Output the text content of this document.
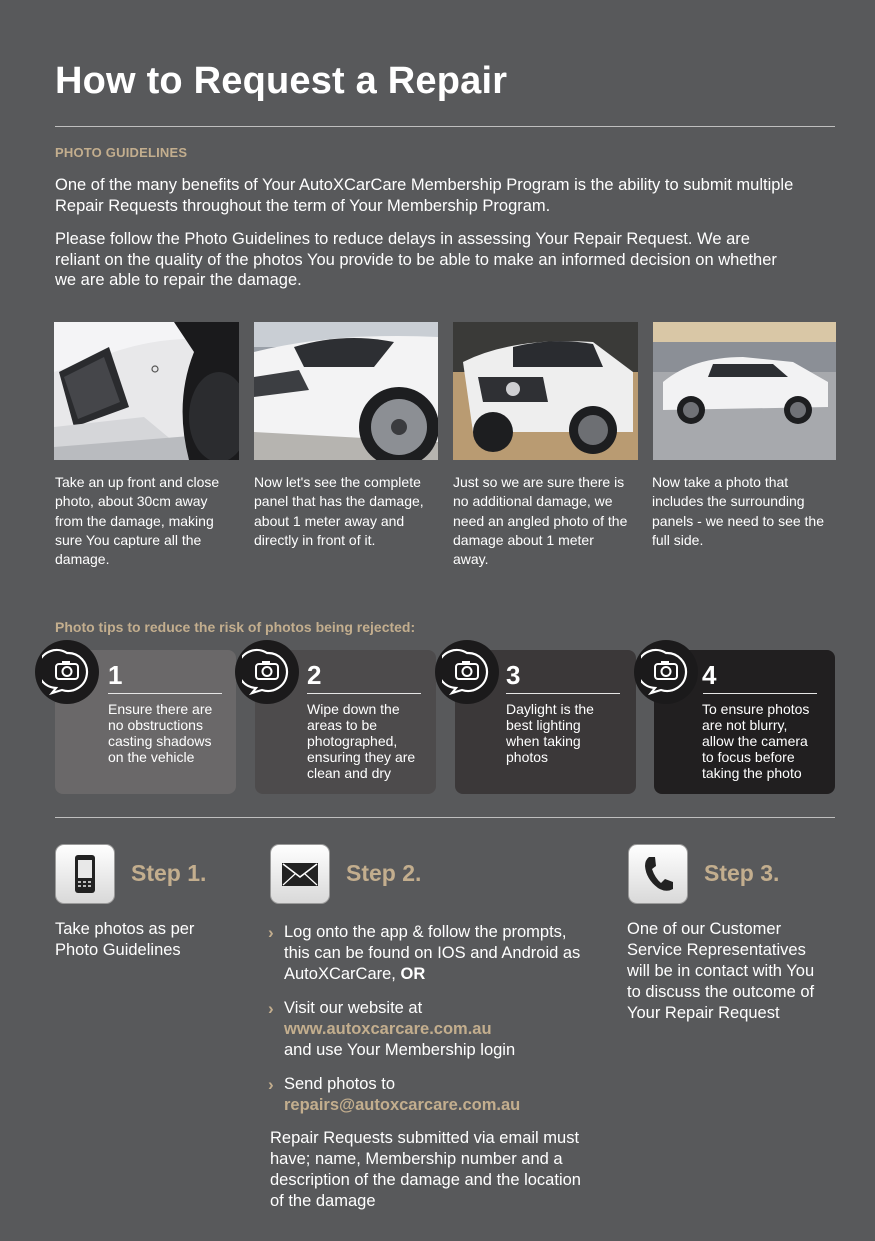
How to Request a Repair
PHOTO GUIDELINES

One of the many benefits of Your AutoXCarCare Membership Program is the ability to submit multiple Repair Requests throughout the term of Your Membership Program.

Please follow the Photo Guidelines to reduce delays in assessing Your Repair Request. We are reliant on the quality of the photos You provide to be able to make an informed decision on whether we are able to repair the damage.

Take an up front and close photo, about 30cm away from the damage, making sure You capture all the damage.

Now let's see the complete panel that has the damage, about 1 meter away and directly in front of it.

Just so we are sure there is no additional damage, we need an angled photo of the damage about 1 meter away.

Now take a photo that includes the surrounding panels - we need to see the full side.

Photo tips to reduce the risk of photos being rejected:
1	2	3	4

Ensure there are no obstructions casting shadows on the vehicle

Wipe down the areas to be photographed, ensuring they are clean and dry

Daylight is the best lighting when taking photos

To ensure photos are not blurry, allow the camera to focus before taking the photo

Step 1.

Take photos as per Photo Guidelines

Step 2.
› Log onto the app & follow the prompts, this can be found on IOS and Android as AutoXCarCare, OR
› Visit our website at
www.autoxcarcare.com.au
and use Your Membership login
› Send photos to
repairs@autoxcarcare.com.au

Repair Requests submitted via email must have; name, Membership number and a description of the damage and the location of the damage

Step 3.

One of our Customer Service Representatives will be in contact with You to discuss the outcome of Your Repair Request
